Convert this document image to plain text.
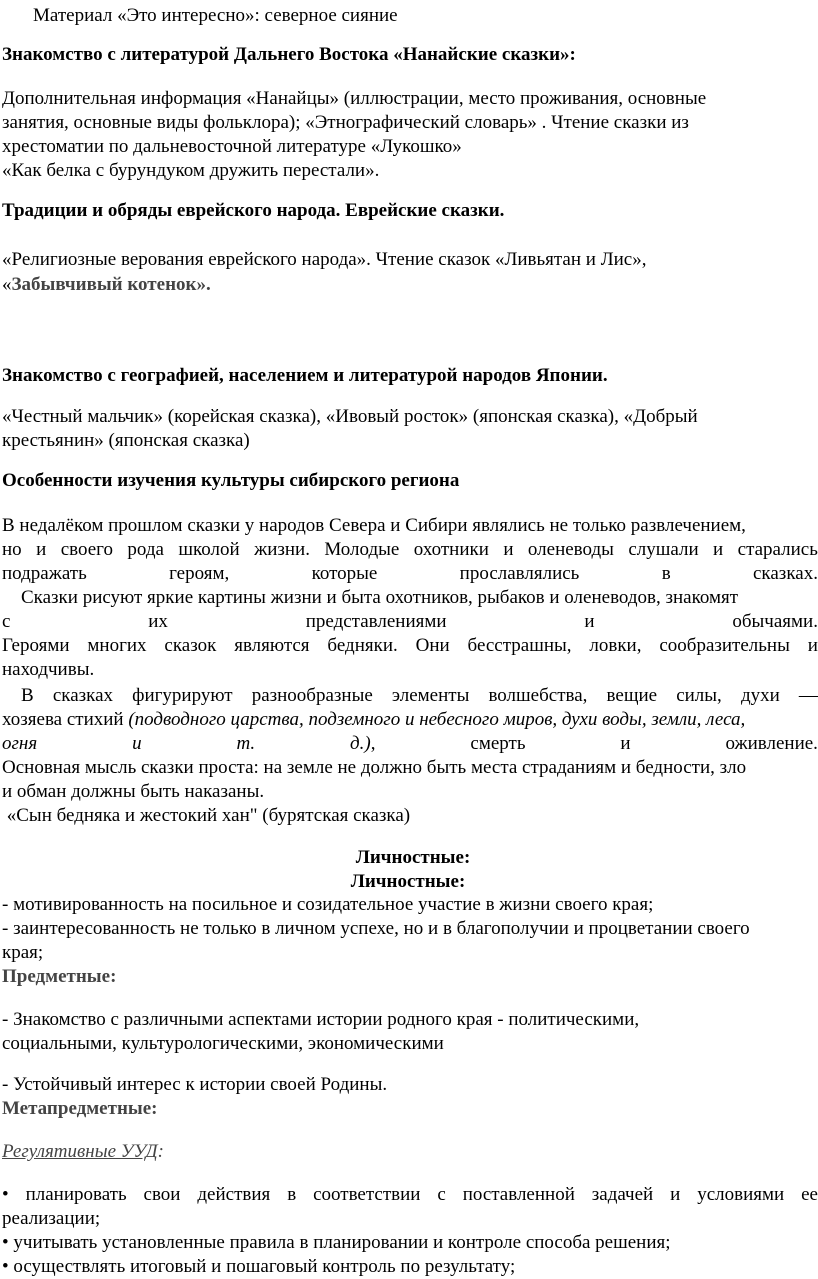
Материал «Это интересно»: северное сияние
Знакомство с литературой Дальнего Востока «Нанайские сказки»:
Дополнительная информация «Нанайцы» (иллюстрации, место проживания, основные
занятия, основные виды фольклора); «Этнографический словарь» . Чтение сказки из
хрестоматии по дальневосточной литературе «Лукошко»
«Как белка с бурундуком дружить перестали».
Традиции и обряды еврейского народа. Еврейские сказки.
«Религиозные верования еврейского народа». Чтение сказок «Ливьятан и Лис»,
«Забывчивый котенок».
Знакомство с географией, населением и литературой народов Японии.
«Честный мальчик» (корейская сказка), «Ивовый росток» (японская сказка), «Добрый
крестьянин» (японская сказка)
Особенности изучения культуры сибирского региона
В недалёком прошлом сказки у народов Севера и Сибири являлись не только развлечением,
но и своего рода школой жизни. Молодые охотники и оленеводы слушали и старались
подражать	героям,	которые	прославлялись	в	сказках.
Сказки рисуют яркие картины жизни и быта охотников, рыбаков и оленеводов, знакомят
с	их	представлениями	и	обычаями.
Героями многих сказок являются бедняки. Они бесстрашны, ловки, сообразительны и
находчивы.
В сказках фигурируют разнообразные элементы волшебства, вещие силы, духи —
хозяева стихий (подводного царства, подземного и небесного миров, духи воды, земли, леса,
огня	и	т.	д.),	смерть	и	оживление.
Основная мысль сказки проста: на земле не должно быть места страданиям и бедности, зло
и обман должны быть наказаны.
«Сын бедняка и жестокий хан" (бурятская сказка)
Личностные:
Личностные:
- мотивированность на посильное и созидательное участие в жизни своего края;
- заинтересованность не только в личном успехе, но и в благополучии и процветании своего
края;
Предметные:
- Знакомство с различными аспектами истории родного края - политическими,
социальными, культурологическими, экономическими
- Устойчивый интерес к истории своей Родины.
Метапредметные:
Регулятивные УУД:
• планировать свои действия в соответствии с поставленной задачей и условиями ее
реализации;
• учитывать установленные правила в планировании и контроле способа решения;
• осуществлять итоговый и пошаговый контроль по результату;
